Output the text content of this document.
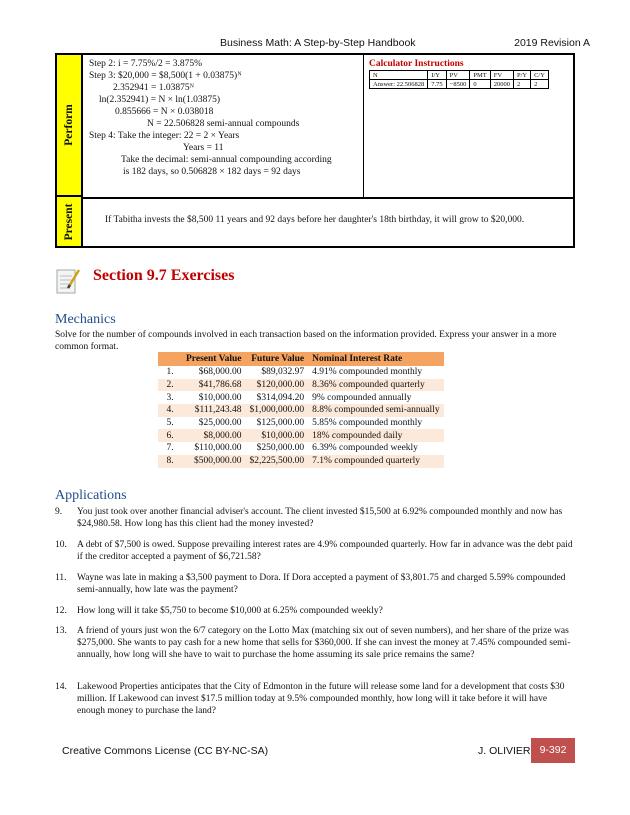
Business Math: A Step-by-Step Handbook	2019 Revision A
Perform
Present
Step 2: i = 7.75%/2 = 3.875%
Step 3: $20,000 = $8,500(1 + 0.03875)ᴺ
2.352941 = 1.03875ᴺ
ln(2.352941) = N × ln(1.03875)
0.855666 = N × 0.038018
N = 22.506828 semi-annual compounds
Step 4: Take the integer: 22 = 2 × Years
Years = 11
Take the decimal: semi-annual compounding according
is 182 days, so 0.506828 × 182 days = 92 days
Calculator Instructions
N	I/Y	PV	PMT	FV	P/Y	C/Y
Answer: 22.506828	7.75	−8500	0	20000	2	2
If Tabitha invests the $8,500 11 years and 92 days before her daughter's 18th birthday, it will grow to $20,000.
Section 9.7 Exercises
Mechanics
Solve for the number of compounds involved in each transaction based on the information provided. Express your answer in a more common format.
	Present Value	Future Value	Nominal Interest Rate
1.	$68,000.00	$89,032.97	4.91% compounded monthly
2.	$41,786.68	$120,000.00	8.36% compounded quarterly
3.	$10,000.00	$314,094.20	9% compounded annually
4.	$111,243.48	$1,000,000.00	8.8% compounded semi-annually
5.	$25,000.00	$125,000.00	5.85% compounded monthly
6.	$8,000.00	$10,000.00	18% compounded daily
7.	$110,000.00	$250,000.00	6.39% compounded weekly
8.	$500,000.00	$2,225,500.00	7.1% compounded quarterly
Applications
9.	You just took over another financial adviser's account. The client invested $15,500 at 6.92% compounded monthly and now has $24,980.58. How long has this client had the money invested?
10.	A debt of $7,500 is owed. Suppose prevailing interest rates are 4.9% compounded quarterly. How far in advance was the debt paid if the creditor accepted a payment of $6,721.58?
11.	Wayne was late in making a $3,500 payment to Dora. If Dora accepted a payment of $3,801.75 and charged 5.59% compounded semi-annually, how late was the payment?
12.	How long will it take $5,750 to become $10,000 at 6.25% compounded weekly?
13.	A friend of yours just won the 6/7 category on the Lotto Max (matching six out of seven numbers), and her share of the prize was $275,000. She wants to pay cash for a new home that sells for $360,000. If she can invest the money at 7.45% compounded semi-annually, how long will she have to wait to purchase the home assuming its sale price remains the same?
14.	Lakewood Properties anticipates that the City of Edmonton in the future will release some land for a development that costs $30 million. If Lakewood can invest $17.5 million today at 9.5% compounded monthly, how long will it take before it will have enough money to purchase the land?
Creative Commons License (CC BY-NC-SA)	J. OLIVIER 9-392
